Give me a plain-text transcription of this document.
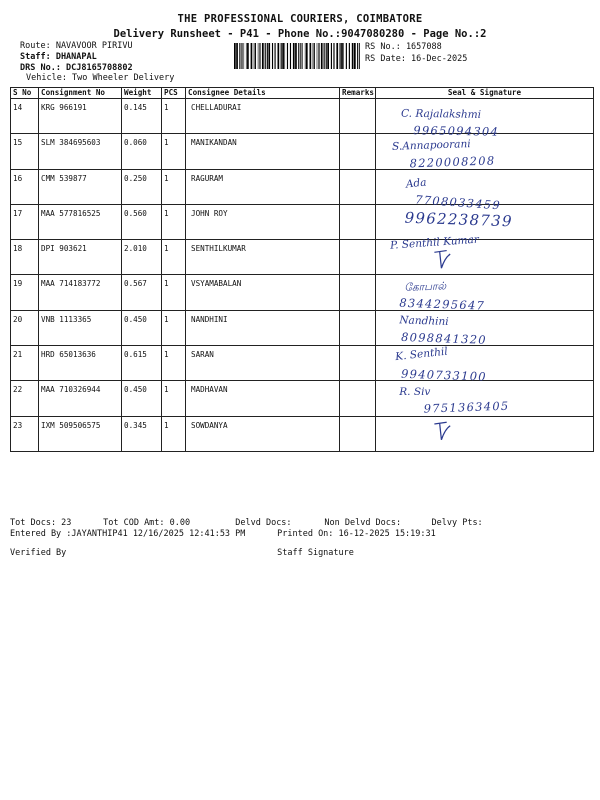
THE PROFESSIONAL COURIERS, COIMBATORE
Delivery Runsheet - P41 - Phone No.:9047080280 - Page No.:2
Route: NAVAVOOR PIRIVU
Staff: DHANAPAL
DRS No.: DCJ8165708802
Vehicle: Two Wheeler Delivery
RS No.: 1657088
RS Date: 16-Dec-2025
S No	Consignment No	Weight	PCS	Consignee Details	Remarks	Seal & Signature
14	KRG 966191	0.145	1	CHELLADURAI		C. Rajalakshmi
9965094304

15	SLM 384695603	0.060	1	MANIKANDAN		S.Annapoorani
8220008208

16	CMM 539877	0.250	1	RAGURAM		Ada
7708033459

17	MAA 577816525	0.560	1	JOHN ROY		9962238739

18	DPI 903621	2.010	1	SENTHILKUMAR		P. Senthil Kumar

19	MAA 714183772	0.567	1	VSYAMABALAN		கோபால்
8344295647

20	VNB 1113365	0.450	1	NANDHINI		Nandhini
8098841320

21	HRD 65013636	0.615	1	SARAN		K. Senthil
9940733100

22	MAA 710326944	0.450	1	MADHAVAN		R. Siv
9751363405

23	IXM 509506575	0.345	1	SOWDANYA		
Tot Docs: 23	Tot COD Amt: 0.00	Delvd Docs:	Non Delvd Docs:	Delvy Pts:
Entered By :JAYANTHIP41 12/16/2025 12:41:53 PM	Printed On: 16-12-2025 15:19:31
Verified By	Staff Signature
